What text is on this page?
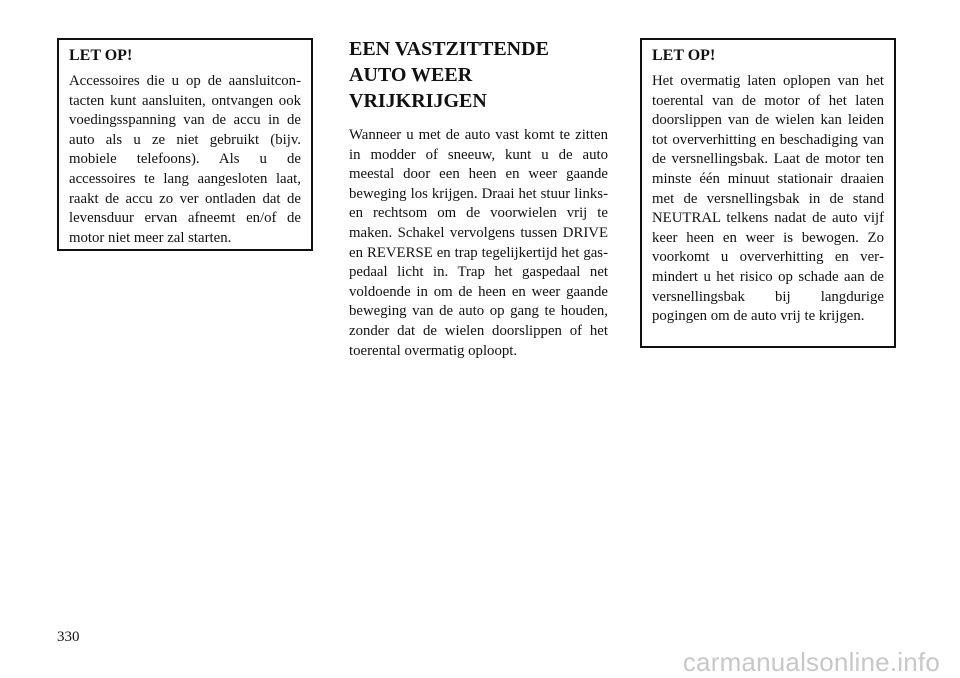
LET OP!

Accessoires die u op de aansluitcontacten kunt aansluiten, ontvangen ook voedingsspanning van de accu in de auto als u ze niet gebruikt (bijv. mobiele telefoons). Als u de accessoires te lang aangesloten laat, raakt de accu zo ver ontladen dat de levensduur ervan afneemt en/of de motor niet meer zal starten.

EEN VASTZITTENDE
AUTO WEER
VRIJKRIJGEN

Wanneer u met de auto vast komt te zitten in modder of sneeuw, kunt u de auto meestal door een heen en weer gaande beweging los krijgen. Draai het stuur links- en rechtsom om de voorwielen vrij te maken. Schakel vervolgens tussen DRIVE en REVERSE en trap tegelijkertijd het gaspedaal licht in. Trap het gaspedaal net voldoende in om de heen en weer gaande beweging van de auto op gang te houden, zonder dat de wielen doorslippen of het toerental overmatig oploopt.

LET OP!

Het overmatig laten oplopen van het toerental van de motor of het laten doorslippen van de wielen kan leiden tot oververhitting en beschadiging van de versnellingsbak. Laat de motor ten minste één minuut stationair draaien met de versnellingsbak in de stand NEUTRAL telkens nadat de auto vijf keer heen en weer is bewogen. Zo voorkomt u oververhitting en vermindert u het risico op schade aan de versnellingsbak bij langdurige pogingen om de auto vrij te krijgen.

330
carmanualsonline.info
